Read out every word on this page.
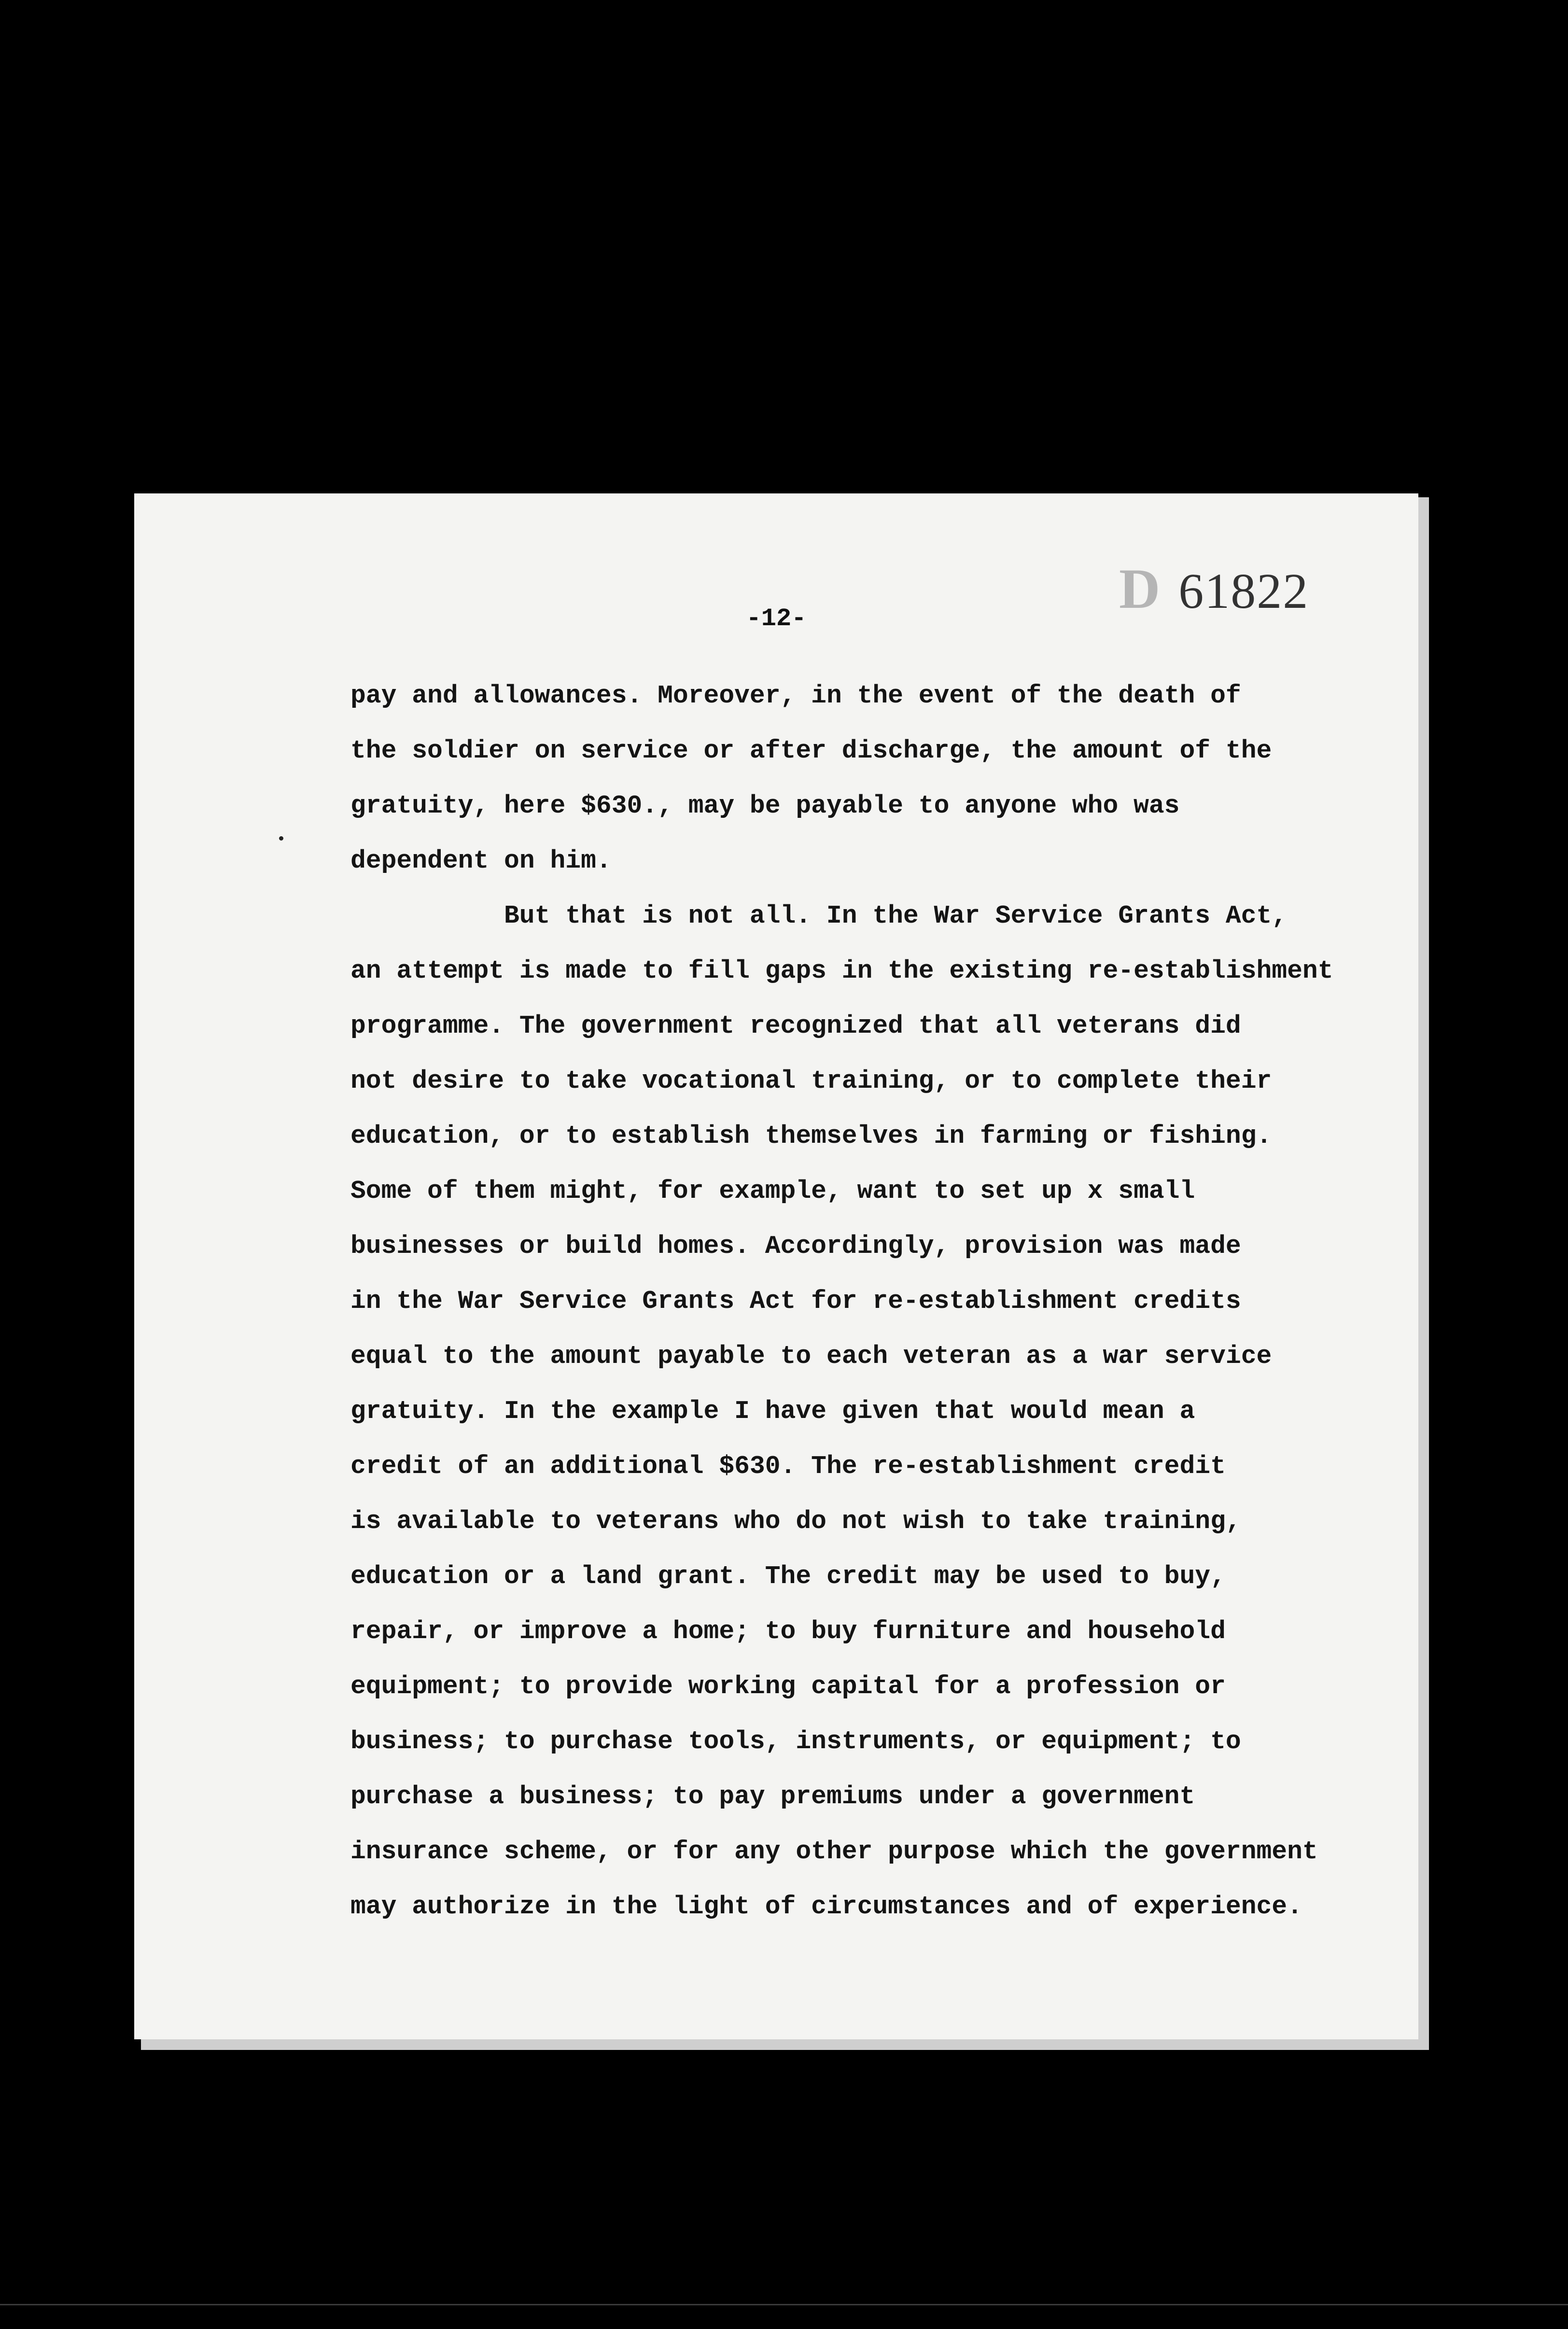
D 61822
-12-
pay and allowances. Moreover, in the event of the death of
the soldier on service or after discharge, the amount of the
gratuity, here $630., may be payable to anyone who was
dependent on him.
But that is not all. In the War Service Grants Act,
an attempt is made to fill gaps in the existing re-establishment
programme. The government recognized that all veterans did
not desire to take vocational training, or to complete their
education, or to establish themselves in farming or fishing.
Some of them might, for example, want to set up x small
businesses or build homes. Accordingly, provision was made
in the War Service Grants Act for re-establishment credits
equal to the amount payable to each veteran as a war service
gratuity. In the example I have given that would mean a
credit of an additional $630. The re-establishment credit
is available to veterans who do not wish to take training,
education or a land grant. The credit may be used to buy,
repair, or improve a home; to buy furniture and household
equipment; to provide working capital for a profession or
business; to purchase tools, instruments, or equipment; to
purchase a business; to pay premiums under a government
insurance scheme, or for any other purpose which the government
may authorize in the light of circumstances and of experience.
